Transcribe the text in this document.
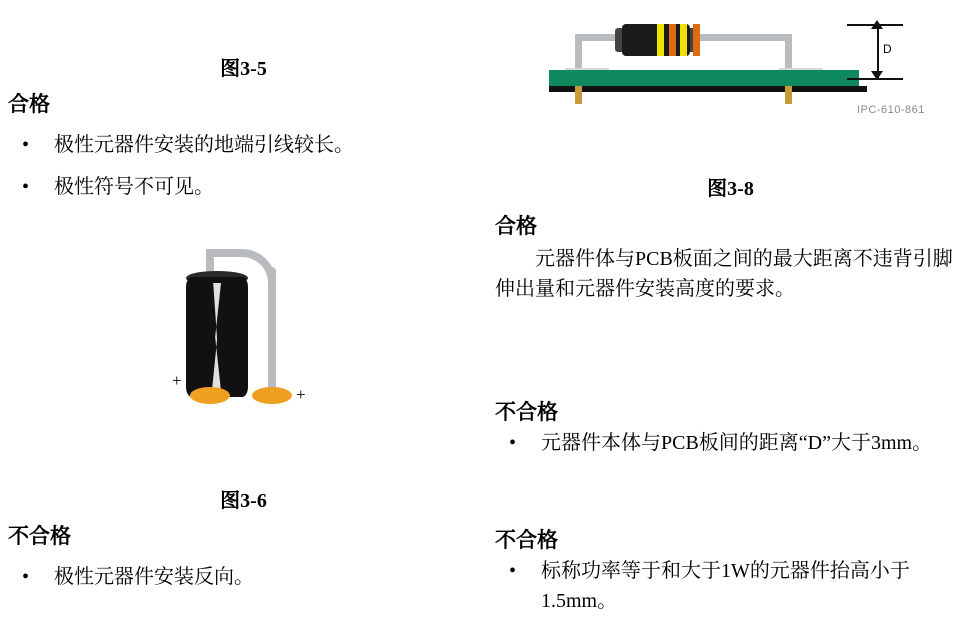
图3-5
合格
• 极性元器件安装的地端引线较长。
• 极性符号不可见。
+
+
图3-6
不合格
• 极性元器件安装反向。
D
IPC-610-861
图3-8
合格
元器件体与PCB板面之间的最大距离不违背引脚伸出量和元器件安装高度的要求。
不合格
• 元器件本体与PCB板间的距离“D”大于3mm。
不合格
• 标称功率等于和大于1W的元器件抬高小于1.5mm。
